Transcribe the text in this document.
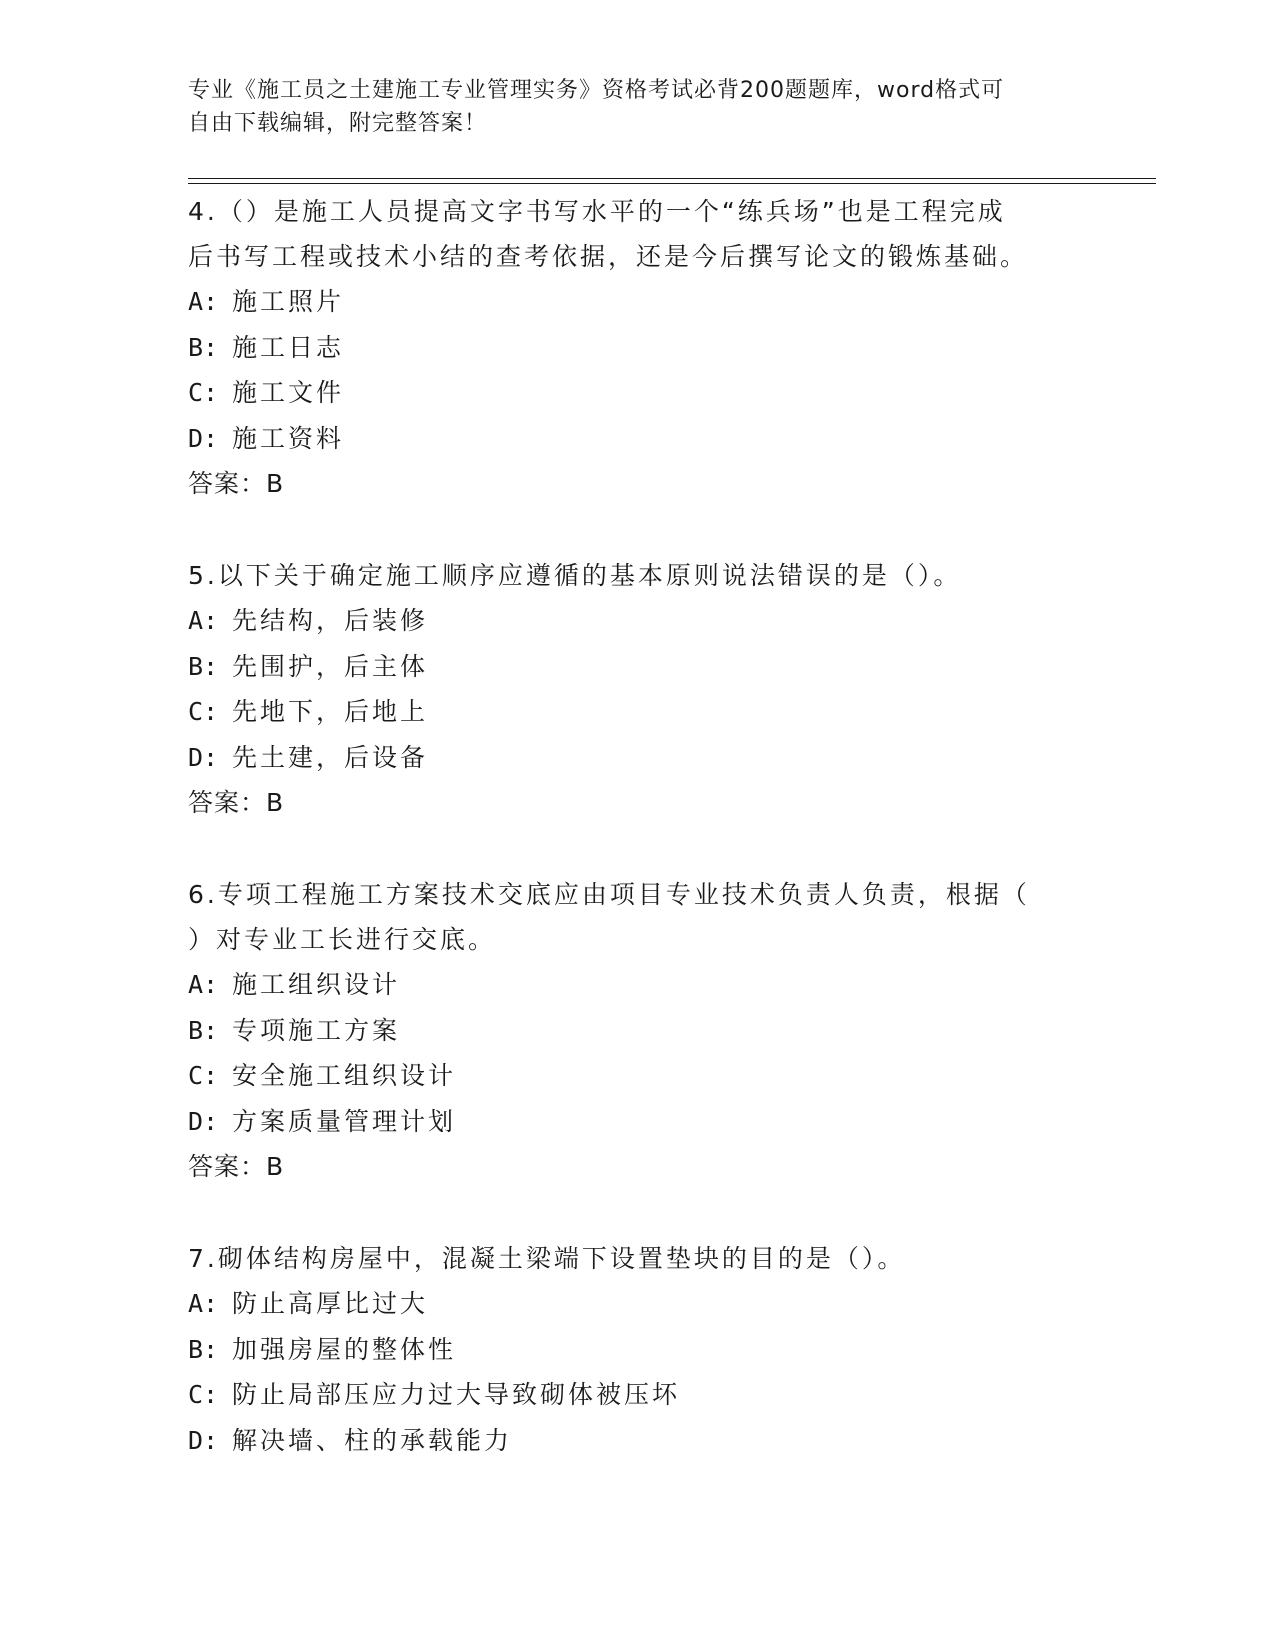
专业《施工员之土建施工专业管理实务》资格考试必背200题题库，word格式可
自由下载编辑，附完整答案！

4.（）是施工人员提高文字书写水平的一个“练兵场”也是工程完成

后书写工程或技术小结的查考依据，还是今后撰写论文的锻炼基础。

A: 施工照片
B: 施工日志
C: 施工文件
D: 施工资料

答案：B

5.以下关于确定施工顺序应遵循的基本原则说法错误的是（）。

A: 先结构，后装修
B: 先围护，后主体
C: 先地下，后地上
D: 先土建，后设备

答案：B

6.专项工程施工方案技术交底应由项目专业技术负责人负责，根据（

）对专业工长进行交底。

A: 施工组织设计
B: 专项施工方案
C: 安全施工组织设计
D: 方案质量管理计划

答案：B

7.砌体结构房屋中，混凝土梁端下设置垫块的目的是（）。

A: 防止高厚比过大
B: 加强房屋的整体性
C: 防止局部压应力过大导致砌体被压坏
D: 解决墙、柱的承载能力
